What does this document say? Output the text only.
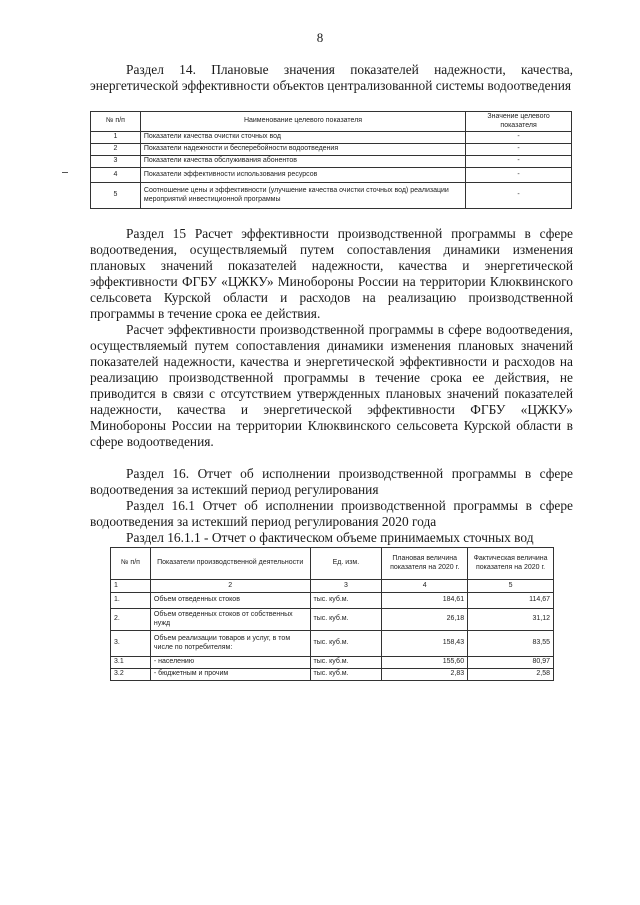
8

Раздел 14. Плановые значения показателей надежности, качества, энергетической эффективности объектов централизованной системы водоотведения

№ п/п	Наименование целевого показателя	Значение целевого показателя
1	Показатели качества очистки сточных вод	-
2	Показатели надежности и бесперебойности водоотведения	-
3	Показатели качества обслуживания абонентов	-
4	Показатели эффективности использования ресурсов	-
5	Соотношение цены и эффективности (улучшение качества очистки сточных вод) реализации мероприятий инвестиционной программы	-

Раздел 15 Расчет эффективности производственной программы в сфере водоотведения, осуществляемый путем сопоставления динамики изменения плановых значений показателей надежности, качества и энергетической эффективности ФГБУ «ЦЖКУ» Минобороны России на территории Клюквинского сельсовета Курской области и расходов на реализацию производственной программы в течение срока ее действия.

Расчет эффективности производственной программы в сфере водоотведения, осуществляемый путем сопоставления динамики изменения плановых значений показателей надежности, качества и энергетической эффективности и расходов на реализацию производственной программы в течение срока ее действия, не приводится в связи с отсутствием утвержденных плановых значений показателей надежности, качества и энергетической эффективности ФГБУ «ЦЖКУ» Минобороны России на территории Клюквинского сельсовета Курской области в сфере водоотведения.

Раздел 16. Отчет об исполнении производственной программы в сфере водоотведения за истекший период регулирования

Раздел 16.1 Отчет об исполнении производственной программы в сфере водоотведения за истекший период регулирования 2020 года

Раздел 16.1.1 - Отчет о фактическом объеме принимаемых сточных вод

№ п/п	Показатели производственной деятельности	Ед. изм.	Плановая величина показателя на 2020 г.	Фактическая величина показателя на 2020 г.
1	2	3	4	5
1.	Объем отведенных стоков	тыс. куб.м.	184,61	114,67
2.	Объем отведенных стоков от собственных нужд	тыс. куб.м.	26,18	31,12
3.	Объем реализации товаров и услуг, в том числе по потребителям:	тыс. куб.м.	158,43	83,55
3.1	- населению	тыс. куб.м.	155,60	80,97
3.2	- бюджетным и прочим	тыс. куб.м.	2,83	2,58
